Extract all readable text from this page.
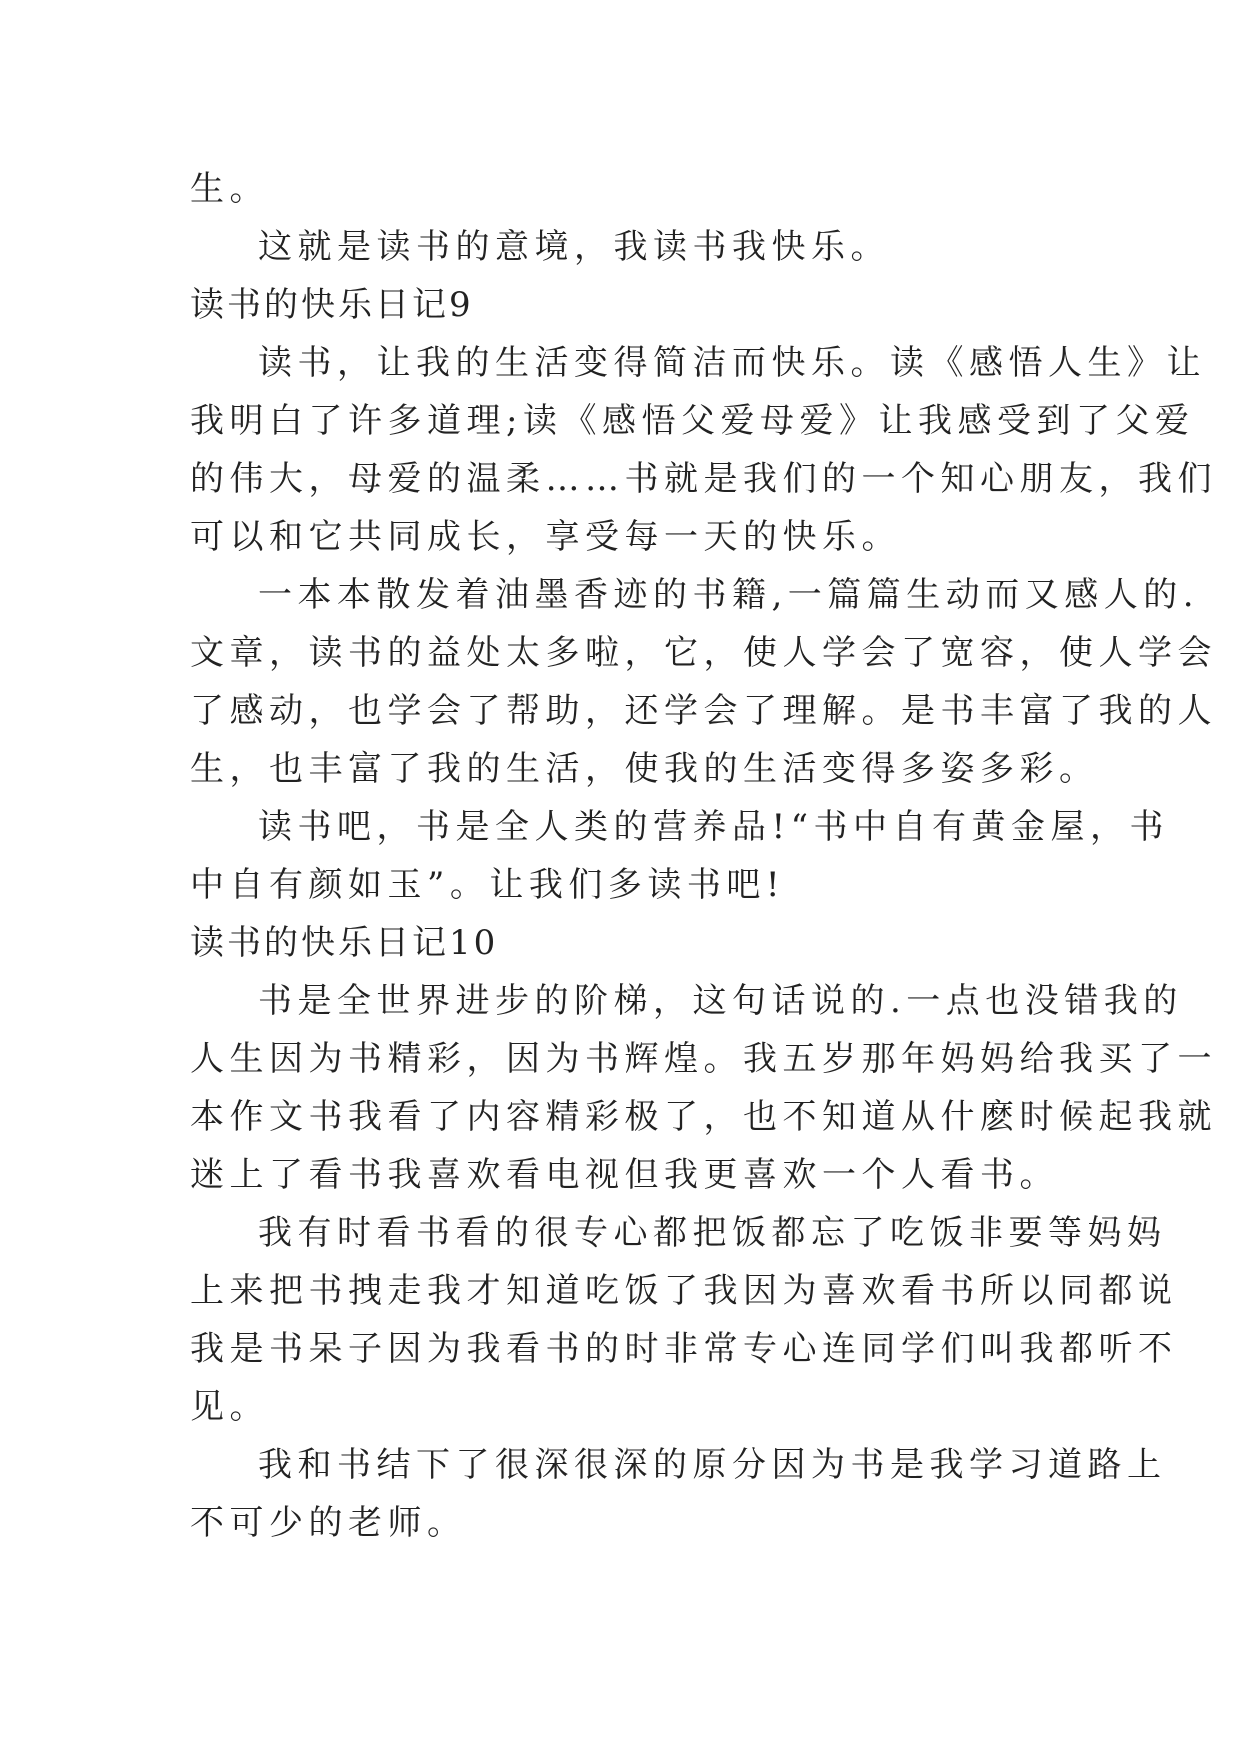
生。
这就是读书的意境，我读书我快乐。
读书的快乐日记9
读书，让我的生活变得简洁而快乐。读《感悟人生》让
我明白了许多道理;读《感悟父爱母爱》让我感受到了父爱
的伟大，母爱的温柔……书就是我们的一个知心朋友，我们
可以和它共同成长，享受每一天的快乐。
一本本散发着油墨香迹的书籍,一篇篇生动而又感人的.
文章，读书的益处太多啦，它，使人学会了宽容，使人学会
了感动，也学会了帮助，还学会了理解。是书丰富了我的人
生，也丰富了我的生活，使我的生活变得多姿多彩。
读书吧，书是全人类的营养品!“书中自有黄金屋，书
中自有颜如玉”。让我们多读书吧!
读书的快乐日记10
书是全世界进步的阶梯，这句话说的.一点也没错我的
人生因为书精彩，因为书辉煌。我五岁那年妈妈给我买了一
本作文书我看了内容精彩极了，也不知道从什麽时候起我就
迷上了看书我喜欢看电视但我更喜欢一个人看书。
我有时看书看的很专心都把饭都忘了吃饭非要等妈妈
上来把书拽走我才知道吃饭了我因为喜欢看书所以同都说
我是书呆子因为我看书的时非常专心连同学们叫我都听不
见。
我和书结下了很深很深的原分因为书是我学习道路上
不可少的老师。
